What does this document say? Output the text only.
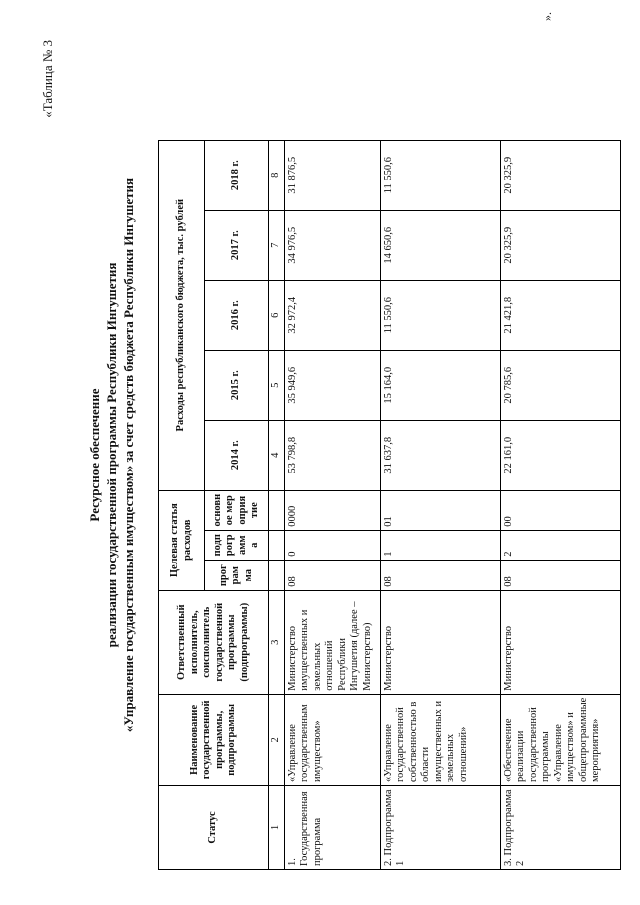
«Таблица № 3
Ресурсное обеспечение реализации государственной программы Республики Ингушетия «Управление государственным имуществом» за счет средств бюджета Республики Ингушетия
Статус	Наименование государственной программы, подпрограммы	Ответственный исполнитель, соисполнитель государственной программы (подпрограммы)	Целевая статья расходов			Расходы республиканского бюджета, тыс. рублей				
			программа	подпрограмма	основное мероприятие	2014 г.	2015 г.	2016 г.	2017 г.	2018 г.
1	2	3				4	5	6	7	8
1. Государственная программа	«Управление государственным имуществом»	Министерство имущественных и земельных отношений Республики Ингушетия (далее – Министерство)	08	0	0000	53 798,8	35 949,6	32 972,4	34 976,5	31 876,5
2. Подпрограмма 1	«Управление государственной собственностью в области имущественных и земельных отношений»	Министерство	08	1	01	31 637,8	15 164,0	11 550,6	14 650,6	11 550,6
3. Подпрограмма 2	«Обеспечение реализации государственной программы «Управление имуществом» и общепрограммные мероприятия»	Министерство	08	2	00	22 161,0	20 785,6	21 421,8	20 325,9	20 325,9
».
